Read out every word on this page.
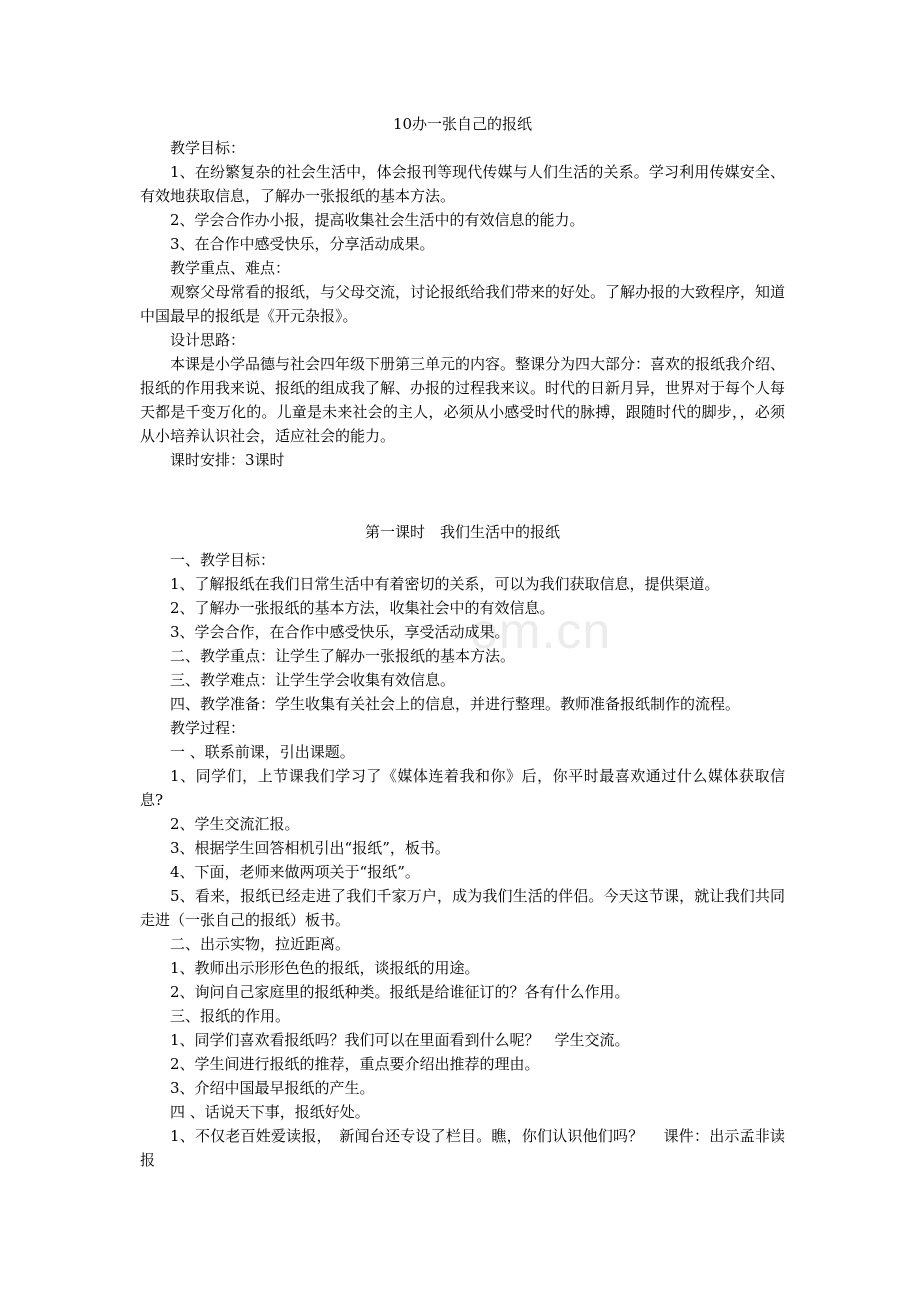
om.cn

10办一张自己的报纸

教学目标：

1、在纷繁复杂的社会生活中，体会报刊等现代传媒与人们生活的关系。学习利用传媒安全、有效地获取信息，了解办一张报纸的基本方法。

2、学会合作办小报，提高收集社会生活中的有效信息的能力。

3、在合作中感受快乐，分享活动成果。

教学重点、难点：

观察父母常看的报纸，与父母交流，讨论报纸给我们带来的好处。了解办报的大致程序，知道中国最早的报纸是《开元杂报》。

设计思路：

本课是小学品德与社会四年级下册第三单元的内容。整课分为四大部分：喜欢的报纸我介绍、报纸的作用我来说、报纸的组成我了解、办报的过程我来议。时代的日新月异，世界对于每个人每天都是千变万化的。儿童是未来社会的主人，必须从小感受时代的脉搏，跟随时代的脚步，，必须从小培养认识社会，适应社会的能力。

课时安排：3课时

第一课时　我们生活中的报纸

一、教学目标：

1、了解报纸在我们日常生活中有着密切的关系，可以为我们获取信息，提供渠道。

2、了解办一张报纸的基本方法，收集社会中的有效信息。

3、学会合作，在合作中感受快乐，享受活动成果。

二、教学重点：让学生了解办一张报纸的基本方法。

三、教学难点：让学生学会收集有效信息。

四、教学准备：学生收集有关社会上的信息，并进行整理。教师准备报纸制作的流程。

教学过程：

一 、联系前课，引出课题。

1、同学们，上节课我们学习了《媒体连着我和你》后，你平时最喜欢通过什么媒体获取信息?

2、学生交流汇报。

3、根据学生回答相机引出“报纸”，板书。

4、下面，老师来做两项关于“报纸”。

5、看来，报纸已经走进了我们千家万户，成为我们生活的伴侣。今天这节课，就让我们共同走进（一张自己的报纸）板书。

二、出示实物，拉近距离。

1、教师出示形形色色的报纸，谈报纸的用途。

2、询问自己家庭里的报纸种类。报纸是给谁征订的？各有什么作用。

三、报纸的作用。

1、同学们喜欢看报纸吗？我们可以在里面看到什么呢？　学生交流。

2、学生间进行报纸的推荐，重点要介绍出推荐的理由。

3、介绍中国最早报纸的产生。

四 、话说天下事，报纸好处。

1、不仅老百姓爱读报，　新闻台还专设了栏目。瞧，你们认识他们吗？　 课件：出示孟非读报
